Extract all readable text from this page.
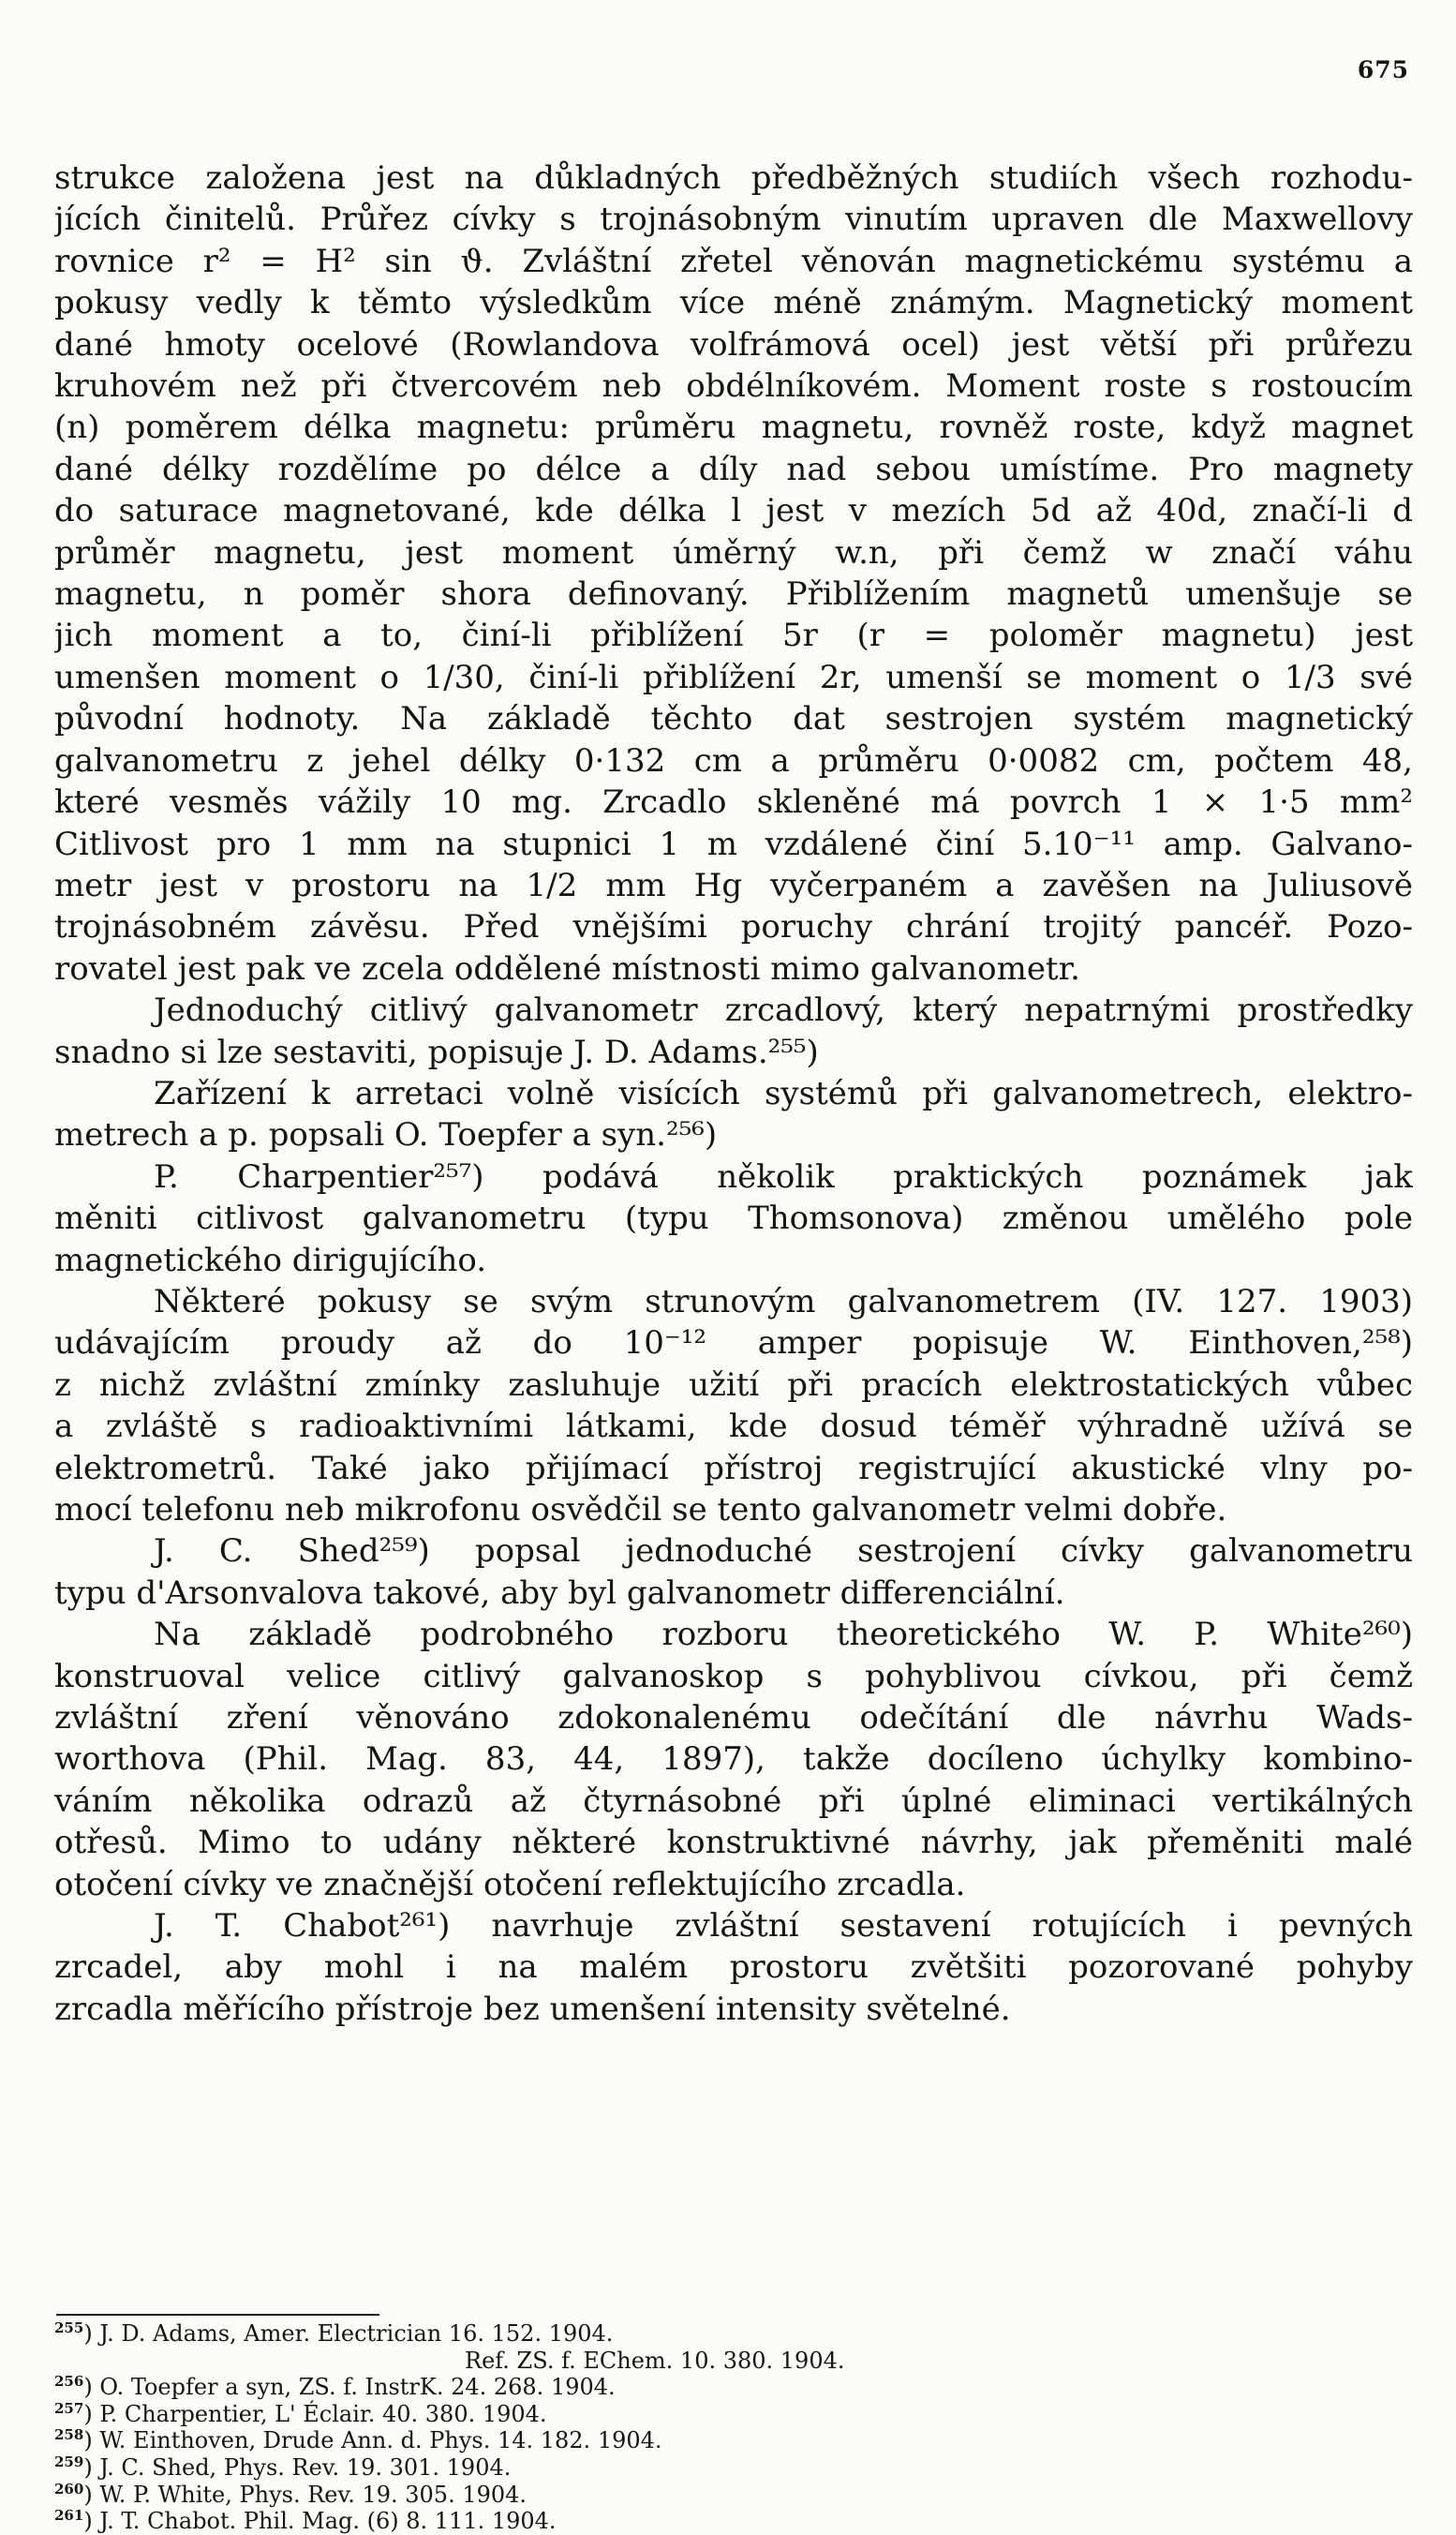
675
strukce založena jest na důkladných předběžných studiích všech rozhodu-
jících činitelů. Průřez cívky s trojnásobným vinutím upraven dle Maxwellovy
rovnice r² = H² sin ϑ. Zvláštní zřetel věnován magnetickému systému a
pokusy vedly k těmto výsledkům více méně známým. Magnetický moment
dané hmoty ocelové (Rowlandova volfrámová ocel) jest větší při průřezu
kruhovém než při čtvercovém neb obdélníkovém. Moment roste s rostoucím
(n) poměrem délka magnetu: průměru magnetu, rovněž roste, když magnet
dané délky rozdělíme po délce a díly nad sebou umístíme. Pro magnety
do saturace magnetované, kde délka l jest v mezích 5d až 40d, značí-li d
průměr magnetu, jest moment úměrný w.n, při čemž w značí váhu
magnetu, n poměr shora definovaný. Přiblížením magnetů umenšuje se
jich moment a to, činí-li přiblížení 5r (r = poloměr magnetu) jest
umenšen moment o 1/30, činí-li přiblížení 2r, umenší se moment o 1/3 své
původní hodnoty. Na základě těchto dat sestrojen systém magnetický
galvanometru z jehel délky 0·132 cm a průměru 0·0082 cm, počtem 48,
které vesměs vážily 10 mg. Zrcadlo skleněné má povrch 1 × 1·5 mm²
Citlivost pro 1 mm na stupnici 1 m vzdálené činí 5.10⁻¹¹ amp. Galvano-
metr jest v prostoru na 1/2 mm Hg vyčerpaném a zavěšen na Juliusově
trojnásobném závěsu. Před vnějšími poruchy chrání trojitý pancéř. Pozo-
rovatel jest pak ve zcela oddělené místnosti mimo galvanometr.
Jednoduchý citlivý galvanometr zrcadlový, který nepatrnými prostředky
snadno si lze sestaviti, popisuje J. D. Adams.²⁵⁵)
Zařízení k arretaci volně visících systémů při galvanometrech, elektro-
metrech a p. popsali O. Toepfer a syn.²⁵⁶)
P. Charpentier²⁵⁷) podává několik praktických poznámek jak
měniti citlivost galvanometru (typu Thomsonova) změnou umělého pole
magnetického dirigujícího.
Některé pokusy se svým strunovým galvanometrem (IV. 127. 1903)
udávajícím proudy až do 10⁻¹² amper popisuje W. Einthoven,²⁵⁸)
z nichž zvláštní zmínky zasluhuje užití při pracích elektrostatických vůbec
a zvláště s radioaktivními látkami, kde dosud téměř výhradně užívá se
elektrometrů. Také jako přijímací přístroj registrující akustické vlny po-
mocí telefonu neb mikrofonu osvědčil se tento galvanometr velmi dobře.
J. C. Shed²⁵⁹) popsal jednoduché sestrojení cívky galvanometru
typu d'Arsonvalova takové, aby byl galvanometr differenciální.
Na základě podrobného rozboru theoretického W. P. White²⁶⁰)
konstruoval velice citlivý galvanoskop s pohyblivou cívkou, při čemž
zvláštní zření věnováno zdokonalenému odečítání dle návrhu Wads-
worthova (Phil. Mag. 83, 44, 1897), takže docíleno úchylky kombino-
váním několika odrazů až čtyrnásobné při úplné eliminaci vertikálných
otřesů. Mimo to udány některé konstruktivné návrhy, jak přeměniti malé
otočení cívky ve značnější otočení reflektujícího zrcadla.
J. T. Chabot²⁶¹) navrhuje zvláštní sestavení rotujících i pevných
zrcadel, aby mohl i na malém prostoru zvětšiti pozorované pohyby
zrcadla měřícího přístroje bez umenšení intensity světelné.
$^{255}$) J. D. Adams, Amer. Electrician 16. 152. 1904.
Ref. ZS. f. EChem. 10. 380. 1904.
$^{256}$) O. Toepfer a syn, ZS. f. InstrK. 24. 268. 1904.
$^{257}$) P. Charpentier, L' Éclair. 40. 380. 1904.
$^{258}$) W. Einthoven, Drude Ann. d. Phys. 14. 182. 1904.
$^{259}$) J. C. Shed, Phys. Rev. 19. 301. 1904.
$^{260}$) W. P. White, Phys. Rev. 19. 305. 1904.
$^{261}$) J. T. Chabot. Phil. Mag. (6) 8. 111. 1904.
